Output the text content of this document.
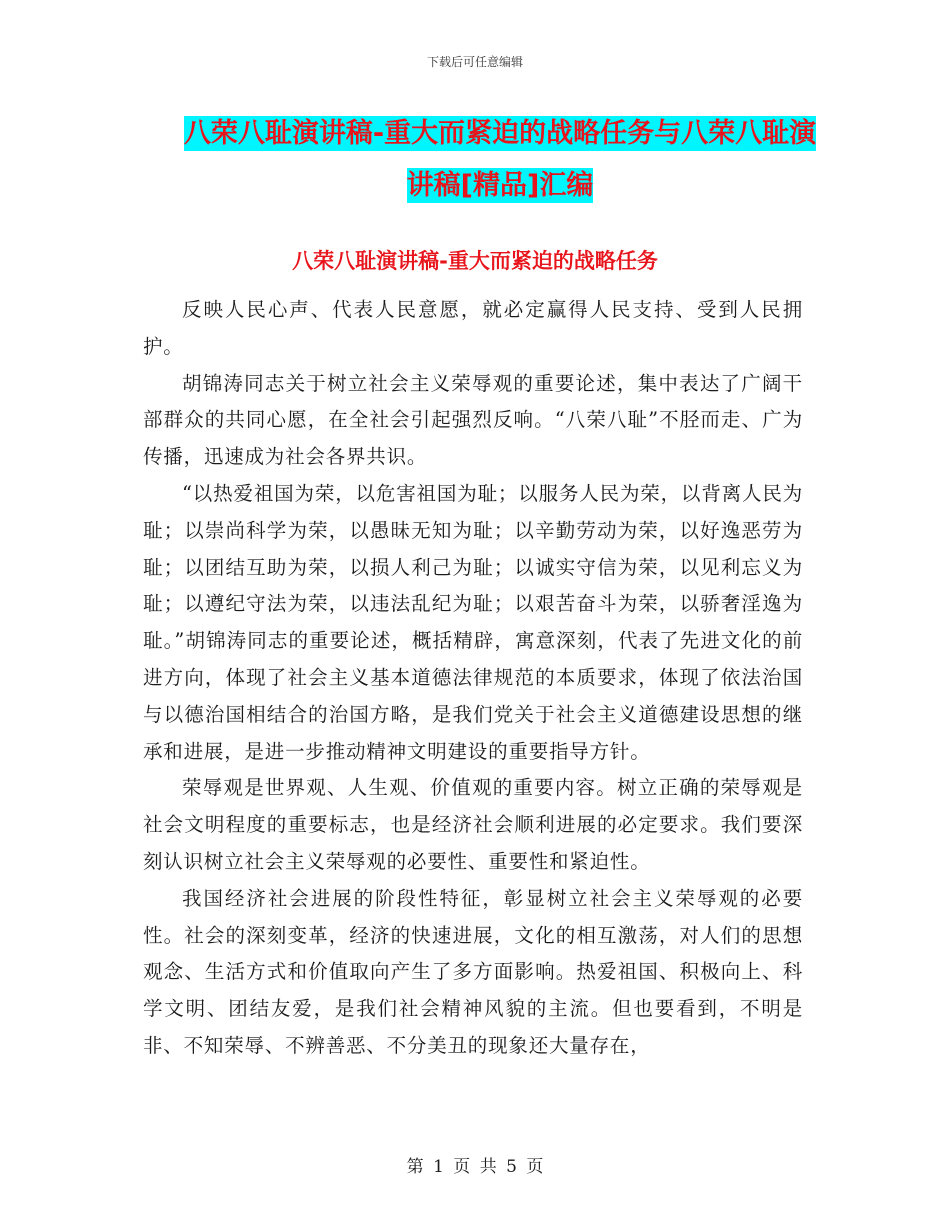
下载后可任意编辑
八荣八耻演讲稿-重大而紧迫的战略任务与八荣八耻演
讲稿[精品]汇编
八荣八耻演讲稿-重大而紧迫的战略任务

反映人民心声、代表人民意愿，就必定赢得人民支持、受到人民拥护。

胡锦涛同志关于树立社会主义荣辱观的重要论述，集中表达了广阔干部群众的共同心愿，在全社会引起强烈反响。“八荣八耻”不胫而走、广为传播，迅速成为社会各界共识。

“以热爱祖国为荣，以危害祖国为耻；以服务人民为荣，以背离人民为耻；以崇尚科学为荣，以愚昧无知为耻；以辛勤劳动为荣，以好逸恶劳为耻；以团结互助为荣，以损人利己为耻；以诚实守信为荣，以见利忘义为耻；以遵纪守法为荣，以违法乱纪为耻；以艰苦奋斗为荣，以骄奢淫逸为耻。”胡锦涛同志的重要论述，概括精辟，寓意深刻，代表了先进文化的前进方向，体现了社会主义基本道德法律规范的本质要求，体现了依法治国与以德治国相结合的治国方略，是我们党关于社会主义道德建设思想的继承和进展，是进一步推动精神文明建设的重要指导方针。

荣辱观是世界观、人生观、价值观的重要内容。树立正确的荣辱观是社会文明程度的重要标志，也是经济社会顺利进展的必定要求。我们要深刻认识树立社会主义荣辱观的必要性、重要性和紧迫性。

我国经济社会进展的阶段性特征，彰显树立社会主义荣辱观的必要性。社会的深刻变革，经济的快速进展，文化的相互激荡，对人们的思想观念、生活方式和价值取向产生了多方面影响。热爱祖国、积极向上、科学文明、团结友爱，是我们社会精神风貌的主流。但也要看到，不明是非、不知荣辱、不辨善恶、不分美丑的现象还大量存在，

第 1 页 共 5 页
